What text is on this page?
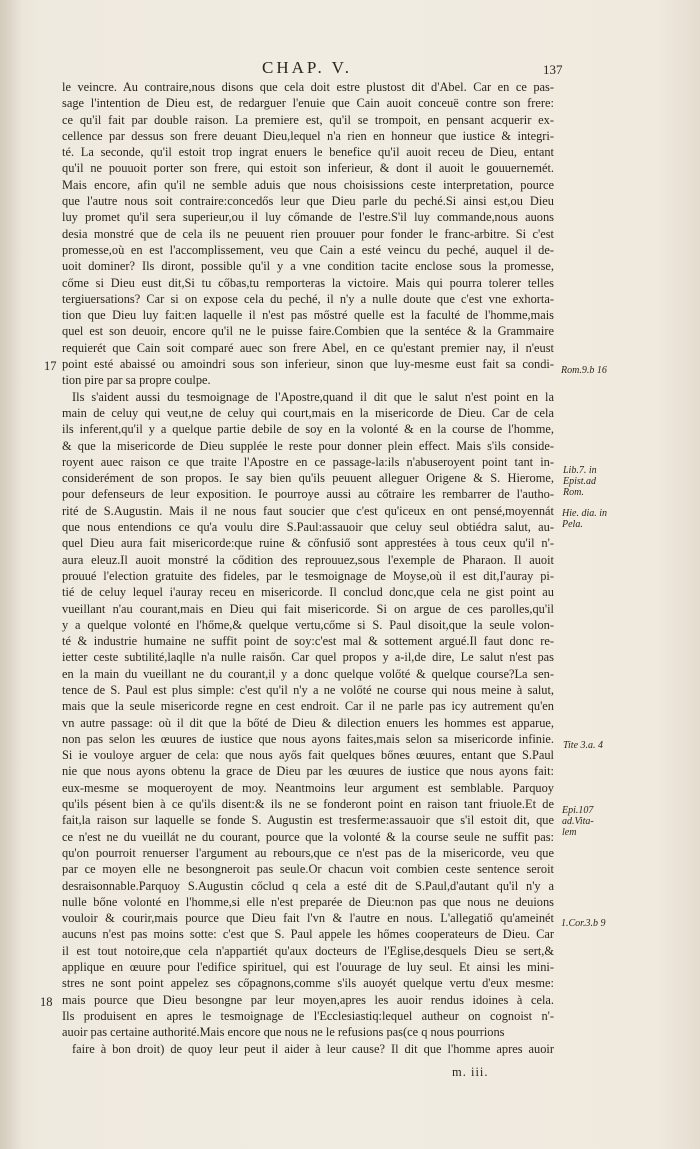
CHAP. V.	137
le veincre. Au contraire,nous disons que cela doit estre plustost dit d'Abel. Car en ce pas-
sage l'intention de Dieu est, de redarguer l'enuie que Cain auoit conceuë contre son frere:
ce qu'il fait par double raison. La premiere est, qu'il se trompoit, en pensant acquerir ex-
cellence par dessus son frere deuant Dieu,lequel n'a rien en honneur que iustice & integri-
té. La seconde, qu'il estoit trop ingrat enuers le benefice qu'il auoit receu de Dieu, entant
qu'il ne pouuoit porter son frere, qui estoit son inferieur, & dont il auoit le gouuernemét.
Mais encore, afin qu'il ne semble aduis que nous choisissions ceste interpretation, pource
que l'autre nous soit contraire:concedős leur que Dieu parle du peché.Si ainsi est,ou Dieu
luy promet qu'il sera superieur,ou il luy cőmande de l'estre.S'il luy commande,nous auons
desia monstré que de cela ils ne peuuent rien prouuer pour fonder le franc-arbitre. Si c'est
promesse,où en est l'accomplissement, veu que Cain a esté veincu du peché, auquel il de-
uoit dominer? Ils diront, possible qu'il y a vne condition tacite enclose sous la promesse,
cőme si Dieu eust dit,Si tu cőbas,tu remporteras la victoire. Mais qui pourra tolerer telles
tergiuersations? Car si on expose cela du peché, il n'y a nulle doute que c'est vne exhorta-
tion que Dieu luy fait:en laquelle il n'est pas mőstré quelle est la faculté de l'homme,mais
quel est son deuoir, encore qu'il ne le puisse faire.Combien que la sentéce & la Grammaire
requierét que Cain soit comparé auec son frere Abel, en ce qu'estant premier nay, il n'eust
point esté abaissé ou amoindri sous son inferieur, sinon que luy-mesme eust fait sa condi-
tion pire par sa propre coulpe.
Ils s'aident aussi du tesmoignage de l'Apostre,quand il dit que le salut n'est point en la
main de celuy qui veut,ne de celuy qui court,mais en la misericorde de Dieu. Car de cela
ils inferent,qu'il y a quelque partie debile de soy en la volonté & en la course de l'homme,
& que la misericorde de Dieu supplée le reste pour donner plein effect. Mais s'ils conside-
royent auec raison ce que traite l'Apostre en ce passage-la:ils n'abuseroyent point tant in-
considerément de son propos. Ie say bien qu'ils peuuent alleguer Origene & S. Hierome,
pour defenseurs de leur exposition. Ie pourroye aussi au cőtraire les rembarrer de l'autho-
rité de S.Augustin. Mais il ne nous faut soucier que c'est qu'iceux en ont pensé,moyennát
que nous entendions ce qu'a voulu dire S.Paul:assauoir que celuy seul obtiédra salut, au-
quel Dieu aura fait misericorde:que ruine & cőnfusiő sont apprestées à tous ceux qu'il n'-
aura eleuz.Il auoit monstré la cődition des reprouuez,sous l'exemple de Pharaon. Il auoit
prouué l'election gratuite des fideles, par le tesmoignage de Moyse,où il est dit,I'auray pi-
tié de celuy lequel i'auray receu en misericorde. Il conclud donc,que cela ne gist point au
vueillant n'au courant,mais en Dieu qui fait misericorde. Si on argue de ces parolles,qu'il
y a quelque volonté en l'hőme,& quelque vertu,cőme si S. Paul disoit,que la seule volon-
té & industrie humaine ne suffit point de soy:c'est mal & sottement argué.Il faut donc re-
ietter ceste subtilité,laqlle n'a nulle raisőn. Car quel propos y a-il,de dire, Le salut n'est pas
en la main du vueillant ne du courant,il y a donc quelque volőté & quelque course?La sen-
tence de S. Paul est plus simple: c'est qu'il n'y a ne volőté ne course qui nous meine à salut,
mais que la seule misericorde regne en cest endroit. Car il ne parle pas icy autrement qu'en
vn autre passage: où il dit que la bőté de Dieu & dilection enuers les hommes est apparue,
non pas selon les œuures de iustice que nous ayons faites,mais selon sa misericorde infinie.
Si ie vouloye arguer de cela: que nous ayős fait quelques bőnes œuures, entant que S.Paul
nie que nous ayons obtenu la grace de Dieu par les œuures de iustice que nous ayons fait:
eux-mesme se moqueroyent de moy. Neantmoins leur argument est semblable. Parquoy
qu'ils pésent bien à ce qu'ils disent:& ils ne se fonderont point en raison tant friuole.Et de
fait,la raison sur laquelle se fonde S. Augustin est tresferme:assauoir que s'il estoit dit, que
ce n'est ne du vueillát ne du courant, pource que la volonté & la course seule ne suffit pas:
qu'on pourroit renuerser l'argument au rebours,que ce n'est pas de la misericorde, veu que
par ce moyen elle ne besongneroit pas seule.Or chacun voit combien ceste sentence seroit
desraisonnable.Parquoy S.Augustin cőclud q cela a esté dit de S.Paul,d'autant qu'il n'y a
nulle bőne volonté en l'homme,si elle n'est preparée de Dieu:non pas que nous ne deuions
vouloir & courir,mais pource que Dieu fait l'vn & l'autre en nous. L'allegatiő qu'ameinét
aucuns n'est pas moins sotte: c'est que S. Paul appele les hőmes cooperateurs de Dieu. Car
il est tout notoire,que cela n'appartiét qu'aux docteurs de l'Eglise,desquels Dieu se sert,&
applique en œuure pour l'edifice spirituel, qui est l'ouurage de luy seul. Et ainsi les mini-
stres ne sont point appelez ses cőpagnons,comme s'ils auoyét quelque vertu d'eux mesme:
mais pource que Dieu besongne par leur moyen,apres les auoir rendus idoines à cela.
Ils produisent en apres le tesmoignage de l'Ecclesiastiq:lequel autheur on cognoist n'-
auoir pas certaine authorité.Mais encore que nous ne le refusions pas(ce q nous pourrions
faire à bon droit) de quoy leur peut il aider à leur cause? Il dit que l'homme apres auoir
17
18
Rom.9.b 16
Lib.7. in Epist.ad Rom.
Hie. dia. in Pela.
Tite 3.a. 4
Epi.107 ad.Vita- lem
1.Cor.3.b 9
m. iii.
